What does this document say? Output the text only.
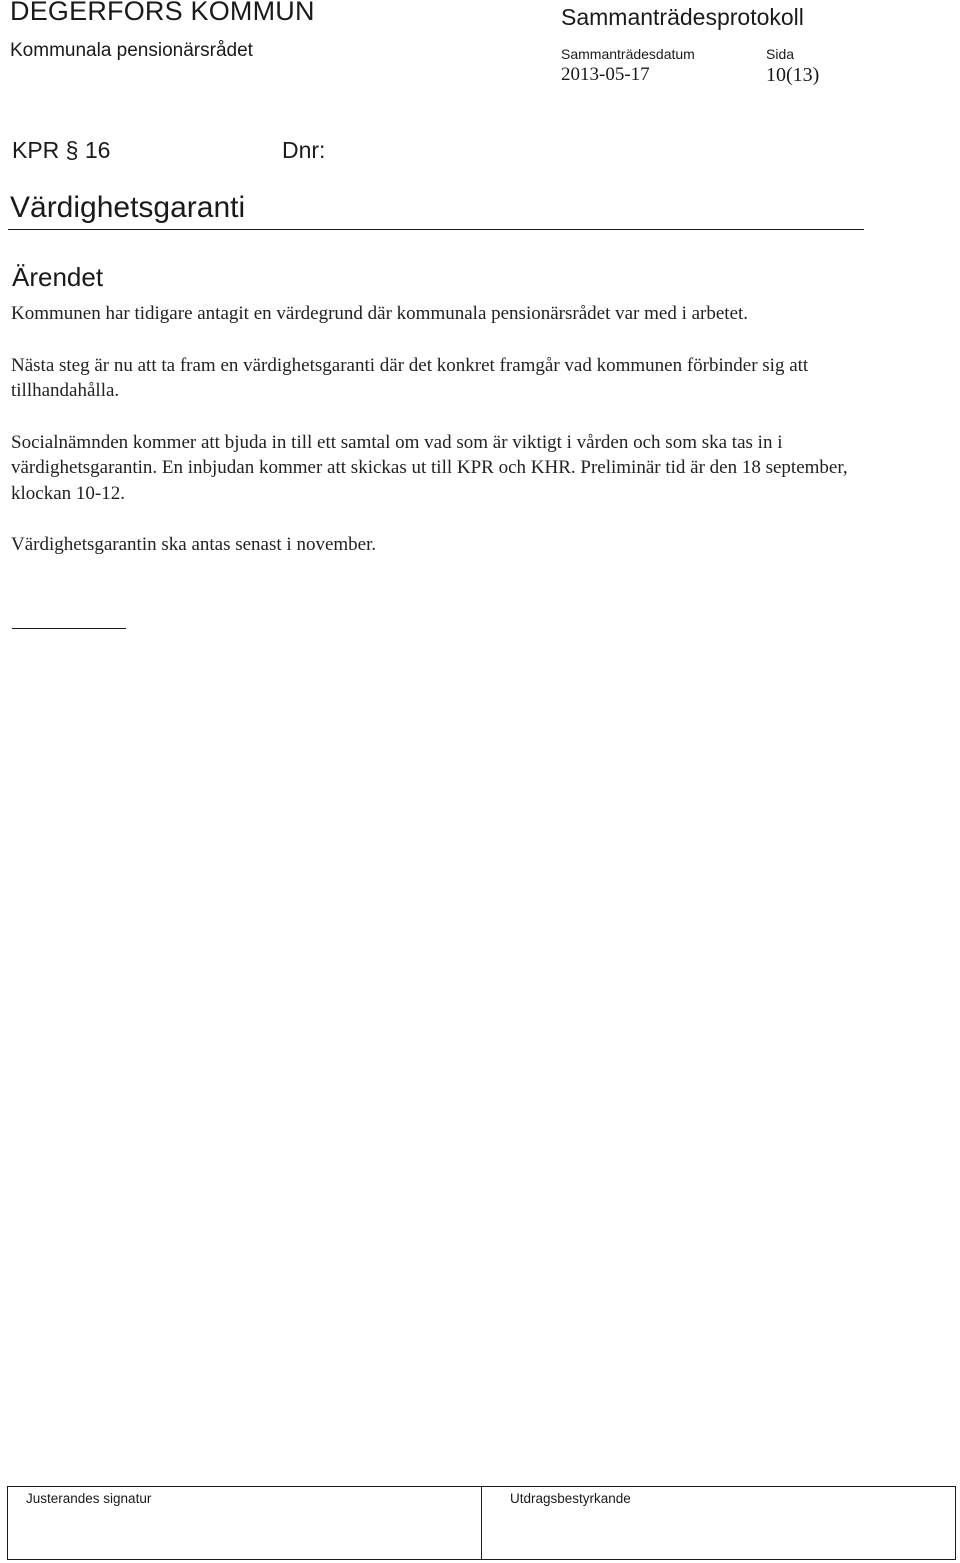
DEGERFORS KOMMUN
Kommunala pensionärsrådet
Sammanträdesprotokoll
Sammanträdesdatum
2013-05-17
Sida
10(13)
KPR § 16	Dnr:
Värdighetsgaranti
Ärendet

Kommunen har tidigare antagit en värdegrund där kommunala pensionärsrådet var med i arbetet.

Nästa steg är nu att ta fram en värdighetsgaranti där det konkret framgår vad kommunen förbinder sig att tillhandahålla.

Socialnämnden kommer att bjuda in till ett samtal om vad som är viktigt i vården och som ska tas in i värdighetsgarantin. En inbjudan kommer att skickas ut till KPR och KHR. Preliminär tid är den 18 september, klockan 10-12.

Värdighetsgarantin ska antas senast i november.

Justerandes signatur	Utdragsbestyrkande
